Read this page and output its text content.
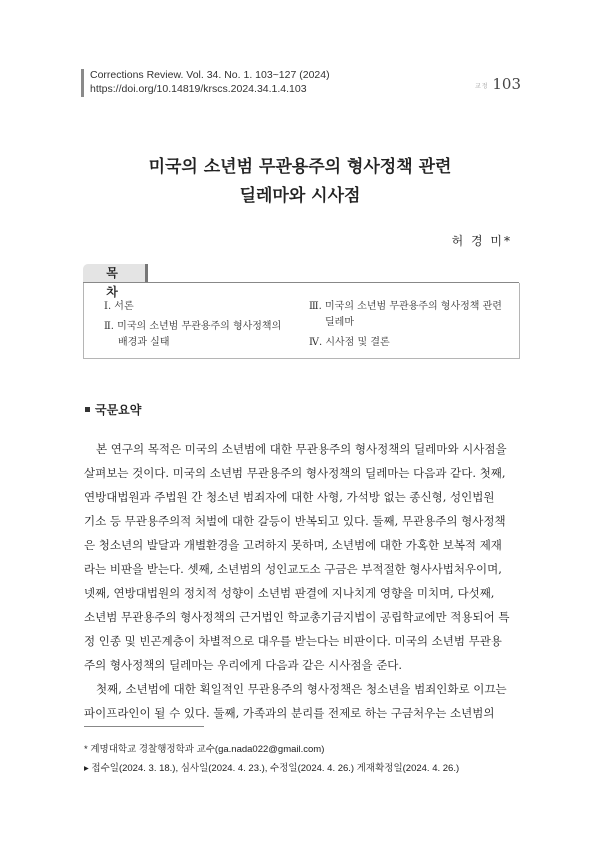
Corrections Review. Vol. 34. No. 1. 103~127 (2024)
https://doi.org/10.14819/krscs.2024.34.1.4.103	교정 103
미국의 소년범 무관용주의 형사정책 관련
딜레마와 시사점
허 경 미*
목 차
Ⅰ. 서론
Ⅱ. 미국의 소년범 무관용주의 형사정책의
배경과 실태
Ⅲ. 미국의 소년범 무관용주의 형사정책 관련
딜레마
Ⅳ. 시사점 및 결론
국문요약
본 연구의 목적은 미국의 소년범에 대한 무관용주의 형사정책의 딜레마와 시사점을
살펴보는 것이다. 미국의 소년범 무관용주의 형사정책의 딜레마는 다음과 같다. 첫째,
연방대법원과 주법원 간 청소년 범죄자에 대한 사형, 가석방 없는 종신형, 성인법원
기소 등 무관용주의적 처벌에 대한 갈등이 반복되고 있다. 둘째, 무관용주의 형사정책
은 청소년의 발달과 개별환경을 고려하지 못하며, 소년범에 대한 가혹한 보복적 제재
라는 비판을 받는다. 셋째, 소년범의 성인교도소 구금은 부적절한 형사사법처우이며,
넷째, 연방대법원의 정치적 성향이 소년범 판결에 지나치게 영향을 미치며, 다섯째,
소년범 무관용주의 형사정책의 근거법인 학교총기금지법이 공립학교에만 적용되어 특
정 인종 및 빈곤계층이 차별적으로 대우를 받는다는 비판이다. 미국의 소년범 무관용
주의 형사정책의 딜레마는 우리에게 다음과 같은 시사점을 준다.
첫째, 소년범에 대한 획일적인 무관용주의 형사정책은 청소년을 범죄인화로 이끄는
파이프라인이 될 수 있다. 둘째, 가족과의 분리를 전제로 하는 구금처우는 소년범의
* 계명대학교 경찰행정학과 교수(ga.nada022@gmail.com)
▸ 접수일(2024. 3. 18.), 심사일(2024. 4. 23.), 수정일(2024. 4. 26.) 게재확정일(2024. 4. 26.)
